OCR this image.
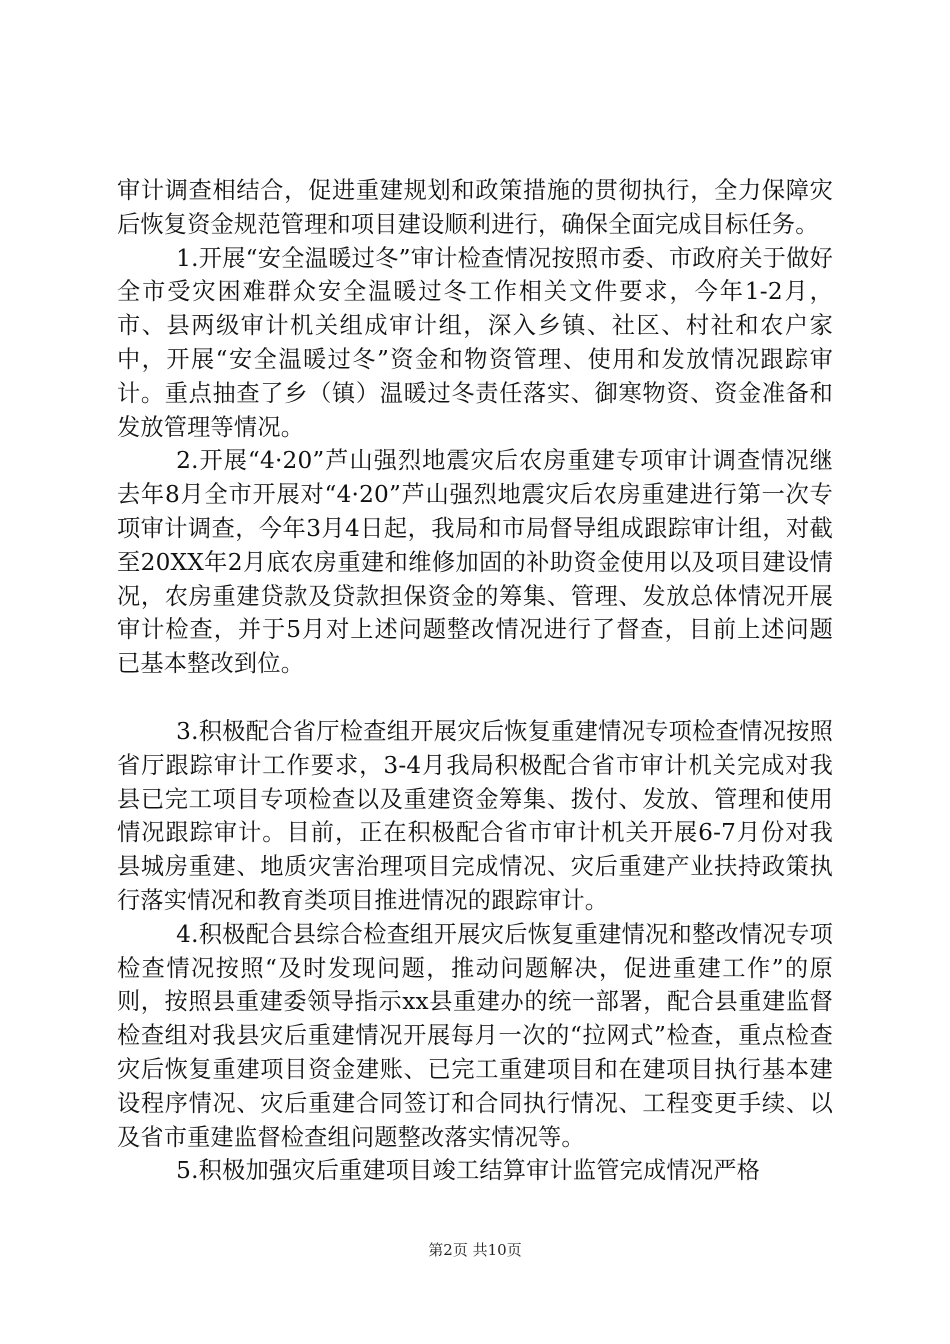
审计调查相结合，促进重建规划和政策措施的贯彻执行，全力保障灾后恢复资金规范管理和项目建设顺利进行，确保全面完成目标任务。

1.开展“安全温暖过冬”审计检查情况按照市委、市政府关于做好全市受灾困难群众安全温暖过冬工作相关文件要求，今年1-2月，市、县两级审计机关组成审计组，深入乡镇、社区、村社和农户家中，开展“安全温暖过冬”资金和物资管理、使用和发放情况跟踪审计。重点抽查了乡（镇）温暖过冬责任落实、御寒物资、资金准备和发放管理等情况。

2.开展“4·20”芦山强烈地震灾后农房重建专项审计调查情况继去年8月全市开展对“4·20”芦山强烈地震灾后农房重建进行第一次专项审计调查，今年3月4日起，我局和市局督导组成跟踪审计组，对截至20XX年2月底农房重建和维修加固的补助资金使用以及项目建设情况，农房重建贷款及贷款担保资金的筹集、管理、发放总体情况开展审计检查，并于5月对上述问题整改情况进行了督查，目前上述问题已基本整改到位。

3.积极配合省厅检查组开展灾后恢复重建情况专项检查情况按照省厅跟踪审计工作要求，3-4月我局积极配合省市审计机关完成对我县已完工项目专项检查以及重建资金筹集、拨付、发放、管理和使用情况跟踪审计。目前，正在积极配合省市审计机关开展6-7月份对我县城房重建、地质灾害治理项目完成情况、灾后重建产业扶持政策执行落实情况和教育类项目推进情况的跟踪审计。

4.积极配合县综合检查组开展灾后恢复重建情况和整改情况专项检查情况按照“及时发现问题，推动问题解决，促进重建工作”的原则，按照县重建委领导指示xx县重建办的统一部署，配合县重建监督检查组对我县灾后重建情况开展每月一次的“拉网式”检查，重点检查灾后恢复重建项目资金建账、已完工重建项目和在建项目执行基本建设程序情况、灾后重建合同签订和合同执行情况、工程变更手续、以及省市重建监督检查组问题整改落实情况等。

5.积极加强灾后重建项目竣工结算审计监管完成情况严格

第2页 共10页
